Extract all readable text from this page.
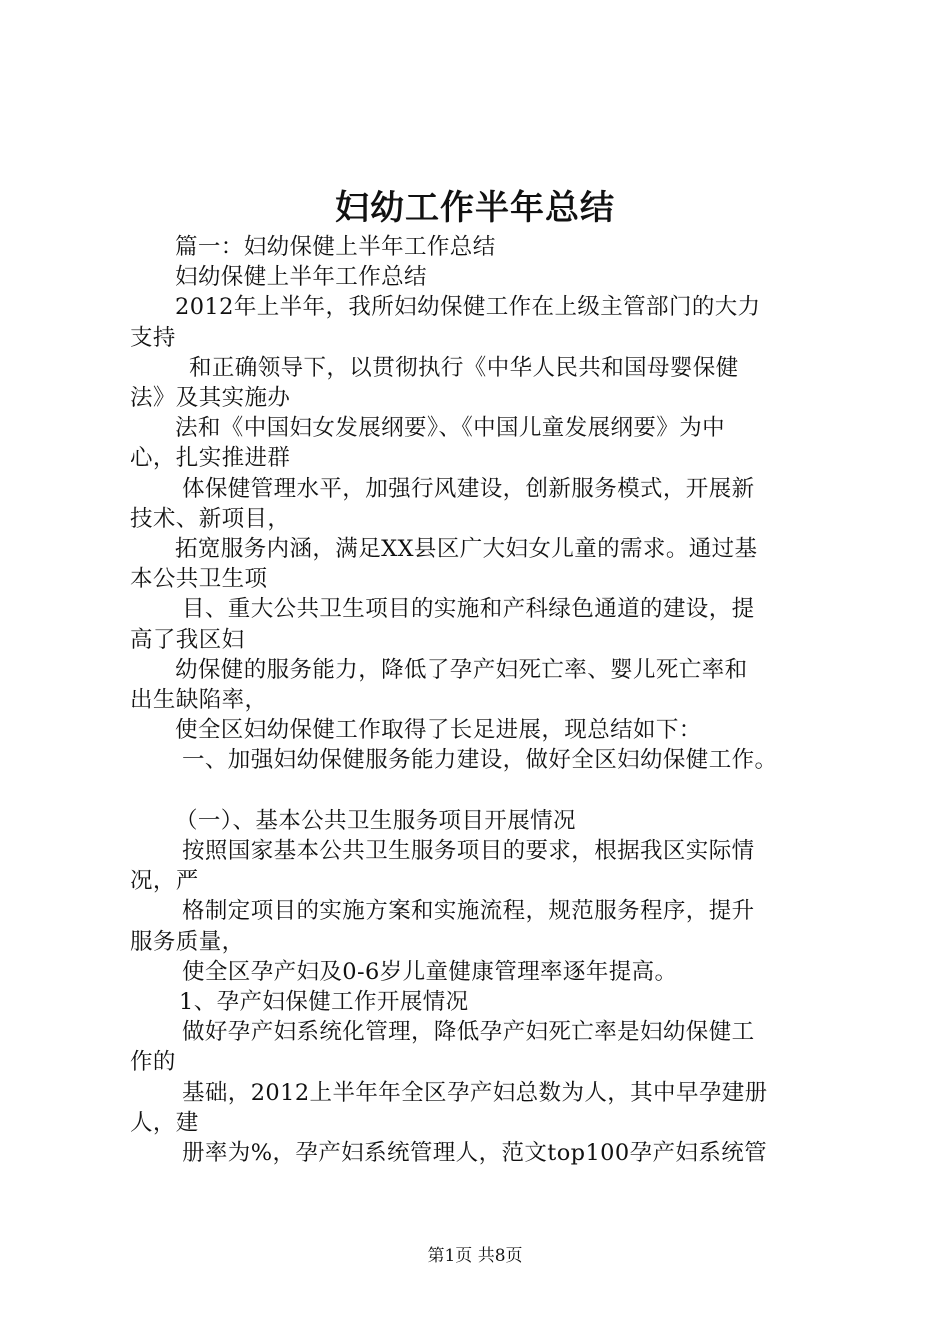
妇幼工作半年总结
篇一：妇幼保健上半年工作总结
妇幼保健上半年工作总结
2012年上半年，我所妇幼保健工作在上级主管部门的大力
支持
和正确领导下，以贯彻执行《中华人民共和国母婴保健
法》及其实施办
法和《中国妇女发展纲要》、《中国儿童发展纲要》为中
心，扎实推进群
体保健管理水平，加强行风建设，创新服务模式，开展新
技术、新项目，
拓宽服务内涵，满足XX县区广大妇女儿童的需求。通过基
本公共卫生项
目、重大公共卫生项目的实施和产科绿色通道的建设，提
高了我区妇
幼保健的服务能力，降低了孕产妇死亡率、婴儿死亡率和
出生缺陷率，
使全区妇幼保健工作取得了长足进展，现总结如下：
一、加强妇幼保健服务能力建设，做好全区妇幼保健工作。
（一）、基本公共卫生服务项目开展情况
按照国家基本公共卫生服务项目的要求，根据我区实际情
况，严
格制定项目的实施方案和实施流程，规范服务程序，提升
服务质量，
使全区孕产妇及0-6岁儿童健康管理率逐年提高。
1、孕产妇保健工作开展情况
做好孕产妇系统化管理，降低孕产妇死亡率是妇幼保健工
作的
基础，2012上半年年全区孕产妇总数为人，其中早孕建册
人，建
册率为%，孕产妇系统管理人，范文top100孕产妇系统管
第1页 共8页
